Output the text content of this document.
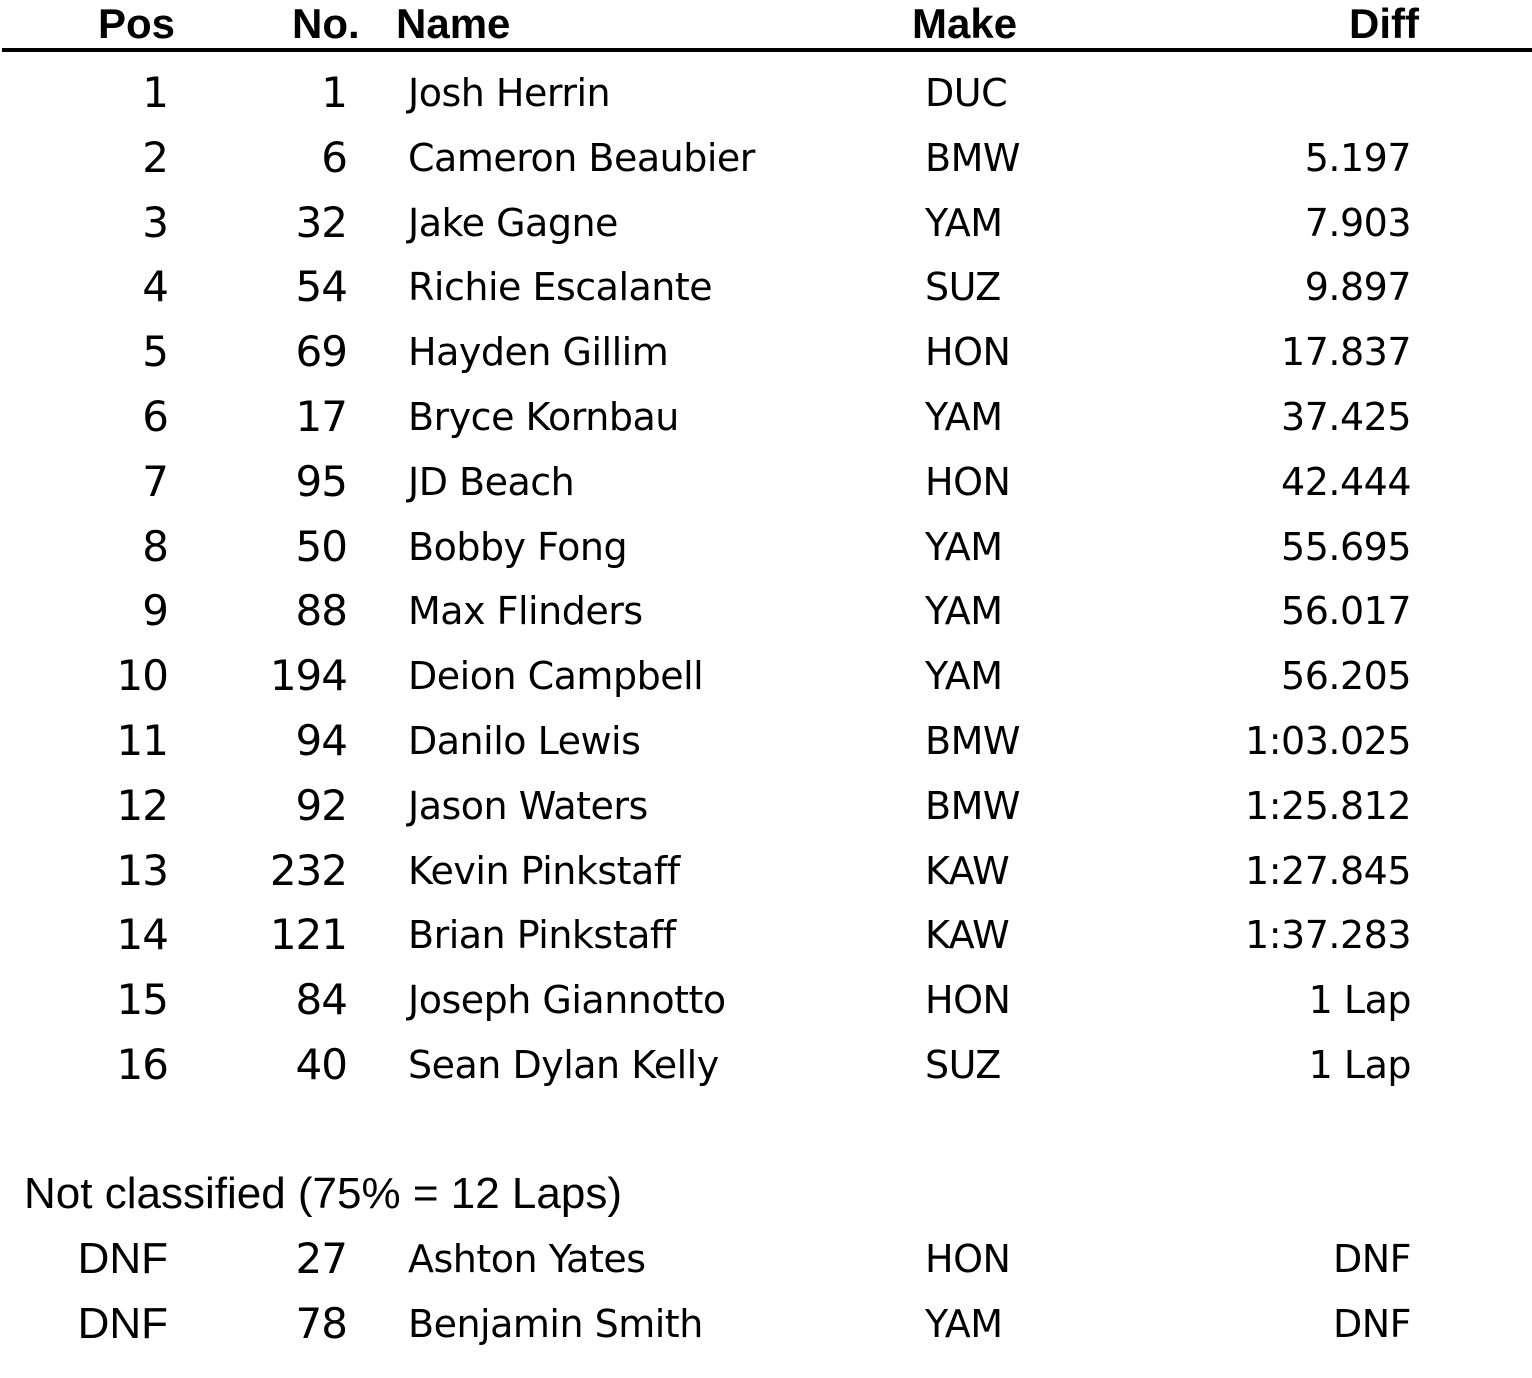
Pos	No. Name	Make	Diff
1	1 Josh Herrin	DUC
2	6 Cameron Beaubier	BMW	5.197
3	32 Jake Gagne	YAM	7.903
4	54 Richie Escalante	SUZ	9.897
5	69 Hayden Gillim	HON	17.837
6	17 Bryce Kornbau	YAM	37.425
7	95 JD Beach	HON	42.444
8	50 Bobby Fong	YAM	55.695
9	88 Max Flinders	YAM	56.017
10 194 Deion Campbell	YAM	56.205
11	94 Danilo Lewis	BMW	1:03.025
12	92 Jason Waters	BMW	1:25.812
13 232 Kevin Pinkstaff	KAW	1:27.845
14 121 Brian Pinkstaff	KAW	1:37.283
15	84 Joseph Giannotto	HON	1 Lap
16	40 Sean Dylan Kelly	SUZ	1 Lap
Not classified (75% = 12 Laps)
DNF	27 Ashton Yates	HON	DNF
DNF	78 Benjamin Smith	YAM	DNF
